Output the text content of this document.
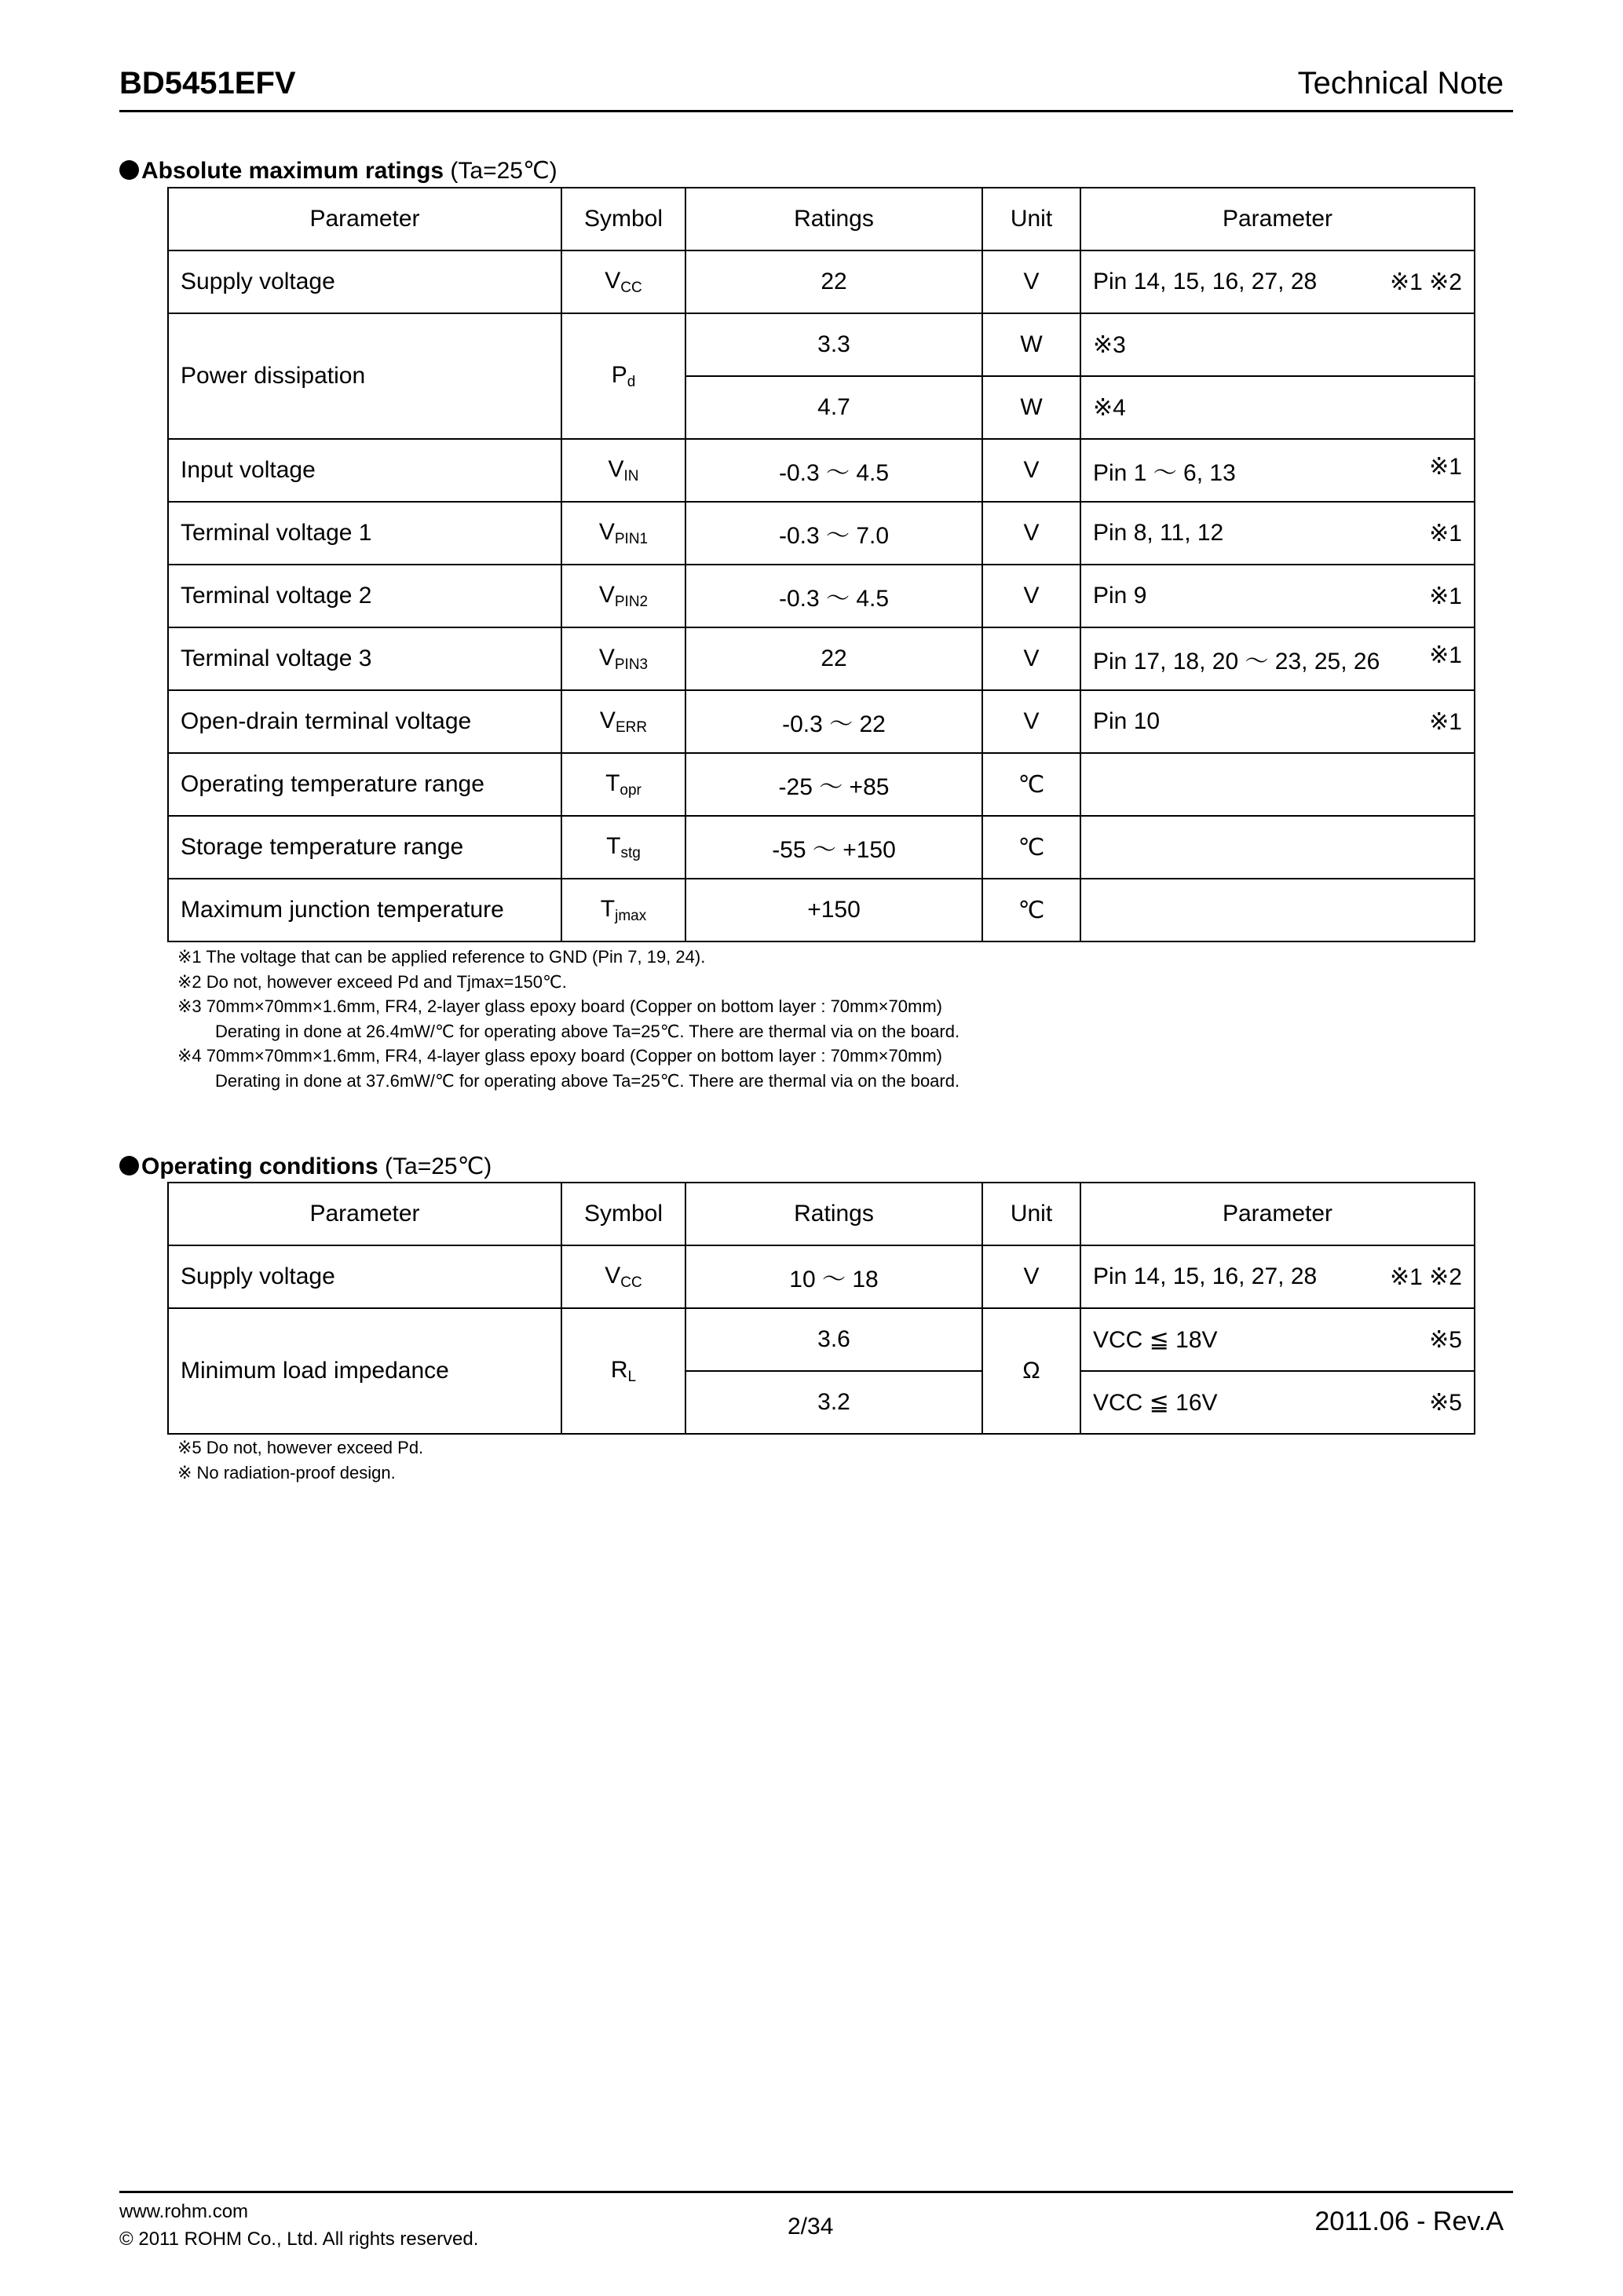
BD5451EFV	Technical Note
Absolute maximum ratings (Ta=25℃)
Parameter	Symbol	Ratings	Unit	Parameter
Supply voltage	$V_{CC}$	22	V	Pin 14, 15, 16, 27, 28 ※1 ※2

Power dissipation	$P_d$	3.3	W	※3
		4.7	W	※4
Input voltage	$V_{IN}$	-0.3 ～ 4.5	V	Pin 1 ～ 6, 13 ※1

Terminal voltage 1	$V_{PIN1}$	-0.3 ～ 7.0	V	Pin 8, 11, 12 ※1

Terminal voltage 2	$V_{PIN2}$	-0.3 ～ 4.5	V	Pin 9 ※1

Terminal voltage 3	$V_{PIN3}$	22	V	Pin 17, 18, 20 ～ 23, 25, 26 ※1

Open-drain terminal voltage	$V_{ERR}$	-0.3 ～ 22	V	Pin 10 ※1

Operating temperature range	$T_{opr}$	-25 ～ +85	℃	
Storage temperature range	$T_{stg}$	-55 ～ +150	℃	
Maximum junction temperature	$T_{jmax}$	+150	℃	
※1 The voltage that can be applied reference to GND (Pin 7, 19, 24).
※2 Do not, however exceed Pd and Tjmax=150℃.
※3 70mm×70mm×1.6mm, FR4, 2-layer glass epoxy board (Copper on bottom layer : 70mm×70mm)
Derating in done at 26.4mW/℃ for operating above Ta=25℃. There are thermal via on the board.
※4 70mm×70mm×1.6mm, FR4, 4-layer glass epoxy board (Copper on bottom layer : 70mm×70mm)
Derating in done at 37.6mW/℃ for operating above Ta=25℃. There are thermal via on the board.
Operating conditions (Ta=25℃)
Parameter	Symbol	Ratings	Unit	Parameter
Supply voltage	$V_{CC}$	10 ～ 18	V	Pin 14, 15, 16, 27, 28 ※1 ※2

Minimum load impedance	$R_L$	3.6	Ω	VCC ≦ 18V ※5

		3.2		VCC ≦ 16V ※5
※5 Do not, however exceed Pd.
※ No radiation-proof design.
www.rohm.com
© 2011 ROHM Co., Ltd. All rights reserved.	2/34	2011.06 - Rev.A
